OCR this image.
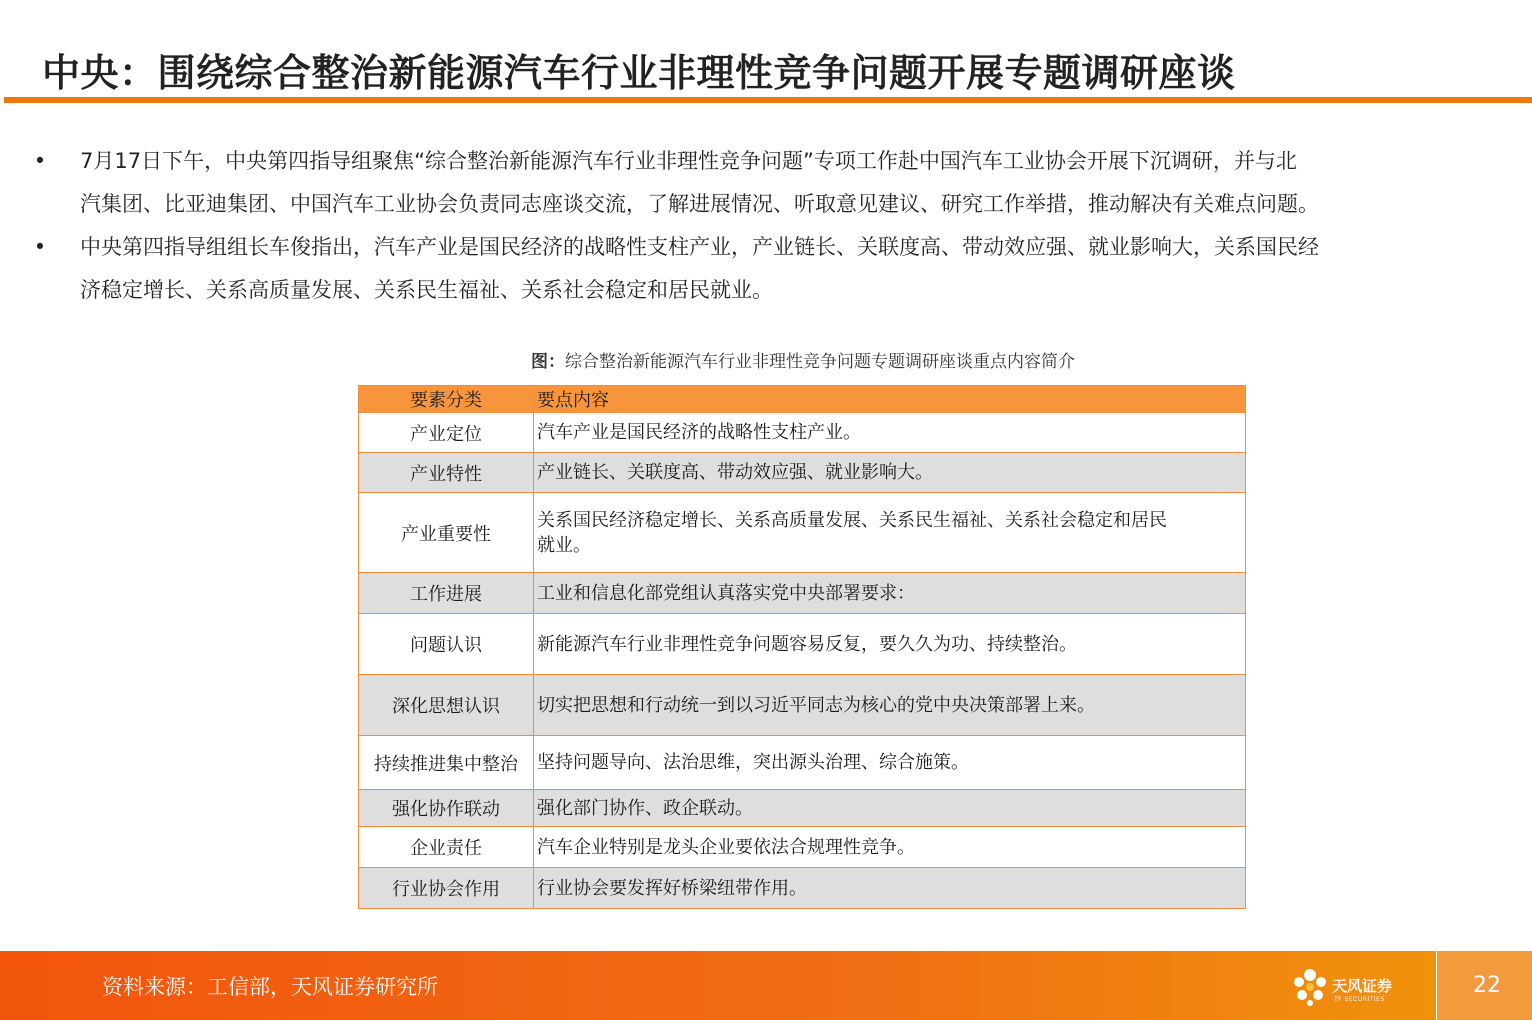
中央：围绕综合整治新能源汽车行业非理性竞争问题开展专题调研座谈
• 7月17日下午，中央第四指导组聚焦“综合整治新能源汽车行业非理性竞争问题”专项工作赴中国汽车工业协会开展下沉调研，并与北
汽集团、比亚迪集团、中国汽车工业协会负责同志座谈交流，了解进展情况、听取意见建议、研究工作举措，推动解决有关难点问题。
• 中央第四指导组组长车俊指出，汽车产业是国民经济的战略性支柱产业，产业链长、关联度高、带动效应强、就业影响大，关系国民经
济稳定增长、关系高质量发展、关系民生福祉、关系社会稳定和居民就业。
图：综合整治新能源汽车行业非理性竞争问题专题调研座谈重点内容简介
要素分类	要点内容
产业定位	汽车产业是国民经济的战略性支柱产业。

产业特性	产业链长、关联度高、带动效应强、就业影响大。

产业重要性	关系国民经济稳定增长、关系高质量发展、关系民生福祉、关系社会稳定和居民
就业。

工作进展	工业和信息化部党组认真落实党中央部署要求：

问题认识	新能源汽车行业非理性竞争问题容易反复，要久久为功、持续整治。

深化思想认识	切实把思想和行动统一到以习近平同志为核心的党中央决策部署上来。

持续推进集中整治	坚持问题导向、法治思维，突出源头治理、综合施策。

强化协作联动	强化部门协作、政企联动。

企业责任	汽车企业特别是龙头企业要依法合规理性竞争。

行业协会作用	行业协会要发挥好桥梁纽带作用。
资料来源：工信部，天风证券研究所	天风证券
TF SECURITIES
22
